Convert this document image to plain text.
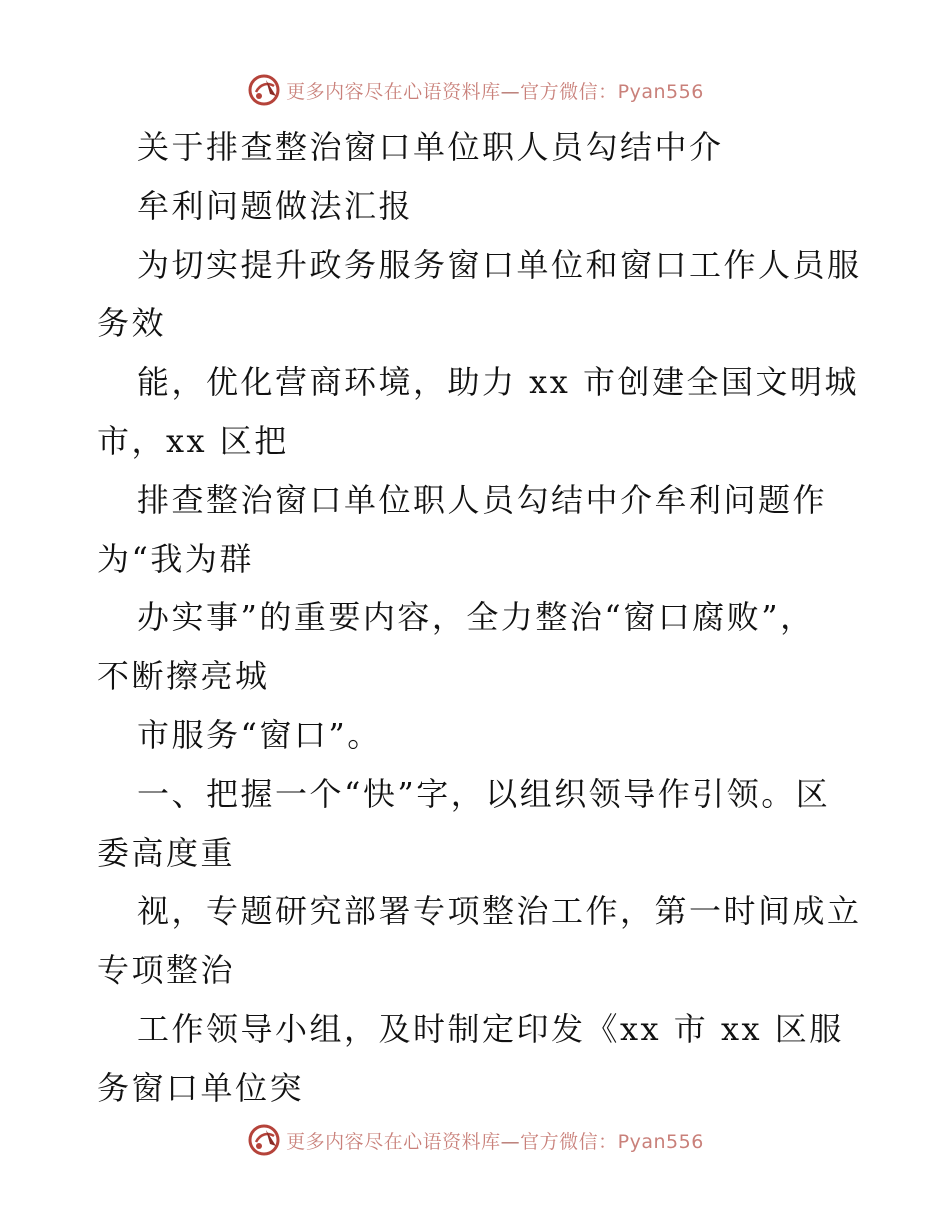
更多内容尽在心语资料库—官方微信：Pyan556
关于排查整治窗口单位职人员勾结中介
牟利问题做法汇报
为切实提升政务服务窗口单位和窗口工作人员服
务效
能，优化营商环境，助力 xx 市创建全国文明城
市，xx 区把
排查整治窗口单位职人员勾结中介牟利问题作
为“我为群
办实事”的重要内容，全力整治“窗口腐败”，
不断擦亮城
市服务“窗口”。
一、把握一个“快”字，以组织领导作引领。区
委高度重
视，专题研究部署专项整治工作，第一时间成立
专项整治
工作领导小组，及时制定印发《xx 市 xx 区服
务窗口单位突
更多内容尽在心语资料库—官方微信：Pyan556
